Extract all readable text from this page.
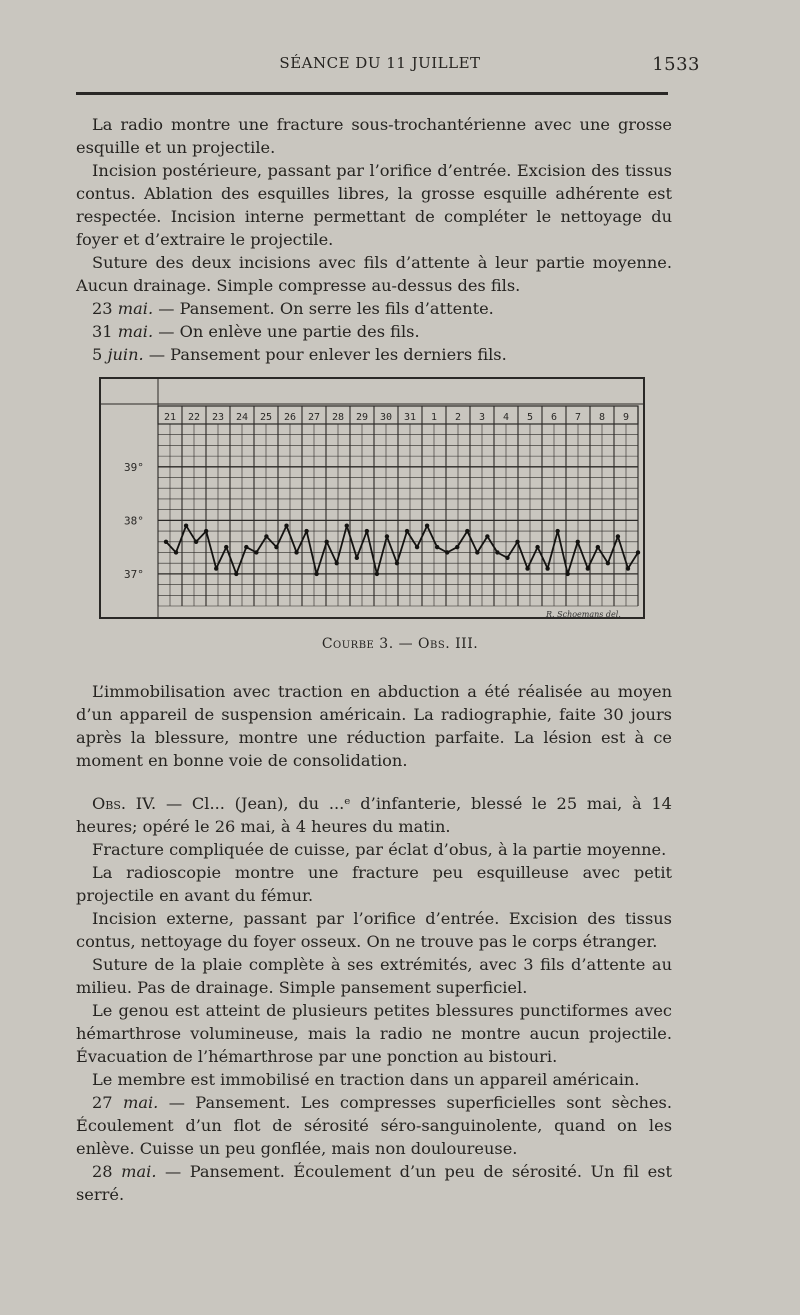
SÉANCE DU 11 JUILLET	1533

La radio montre une fracture sous-trochantérienne avec une grosse esquille et un projectile.

Incision postérieure, passant par l’orifice d’entrée. Excision des tissus contus. Ablation des esquilles libres, la grosse esquille adhérente est respectée. Incision interne permettant de compléter le nettoyage du foyer et d’extraire le projectile.

Suture des deux incisions avec fils d’attente à leur partie moyenne. Aucun drainage. Simple compresse au-dessus des fils.

23 mai. — Pansement. On serre les fils d’attente.

31 mai. — On enlève une partie des fils.

5 juin. — Pansement pour enlever les derniers fils.

21 22 23 24 25 26 27 28 29 30 31 1 2 3 4 5 6 7 8 9
39°
38°
37°
R. Schoemans del.
Courbe 3. — Obs. III.

L’immobilisation avec traction en abduction a été réalisée au moyen d’un appareil de suspension américain. La radiographie, faite 30 jours après la blessure, montre une réduction parfaite. La lésion est à ce moment en bonne voie de consolidation.

Obs. IV. — Cl... (Jean), du ...ᵉ d’infanterie, blessé le 25 mai, à 14 heures; opéré le 26 mai, à 4 heures du matin.

Fracture compliquée de cuisse, par éclat d’obus, à la partie moyenne.

La radioscopie montre une fracture peu esquilleuse avec petit projectile en avant du fémur.

Incision externe, passant par l’orifice d’entrée. Excision des tissus contus, nettoyage du foyer osseux. On ne trouve pas le corps étranger.

Suture de la plaie complète à ses extrémités, avec 3 fils d’attente au milieu. Pas de drainage. Simple pansement superficiel.

Le genou est atteint de plusieurs petites blessures punctiformes avec hémarthrose volumineuse, mais la radio ne montre aucun projectile. Évacuation de l’hémarthrose par une ponction au bistouri.

Le membre est immobilisé en traction dans un appareil américain.

27 mai. — Pansement. Les compresses superficielles sont sèches. Écoulement d’un flot de sérosité séro-sanguinolente, quand on les enlève. Cuisse un peu gonflée, mais non douloureuse.

28 mai. — Pansement. Écoulement d’un peu de sérosité. Un fil est serré.
